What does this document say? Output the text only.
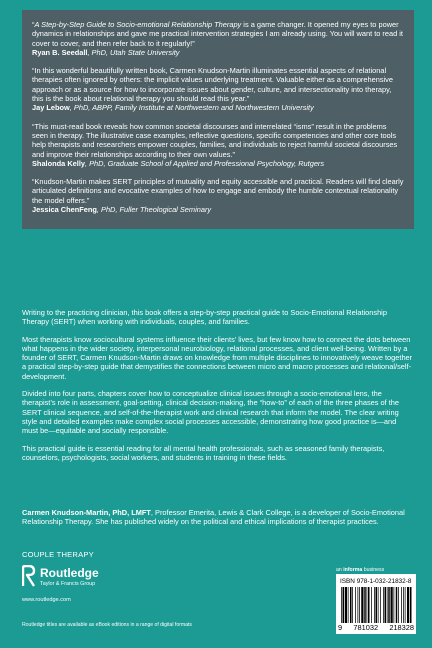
“A Step-by-Step Guide to Socio-emotional Relationship Therapy is a game changer. It opened my eyes to power dynamics in relationships and gave me practical intervention strategies I am already using. You will want to read it cover to cover, and then refer back to it regularly!”

Ryan B. Seedall, PhD, Utah State University

“In this wonderful beautifully written book, Carmen Knudson-Martin illuminates essential aspects of relational therapies often ignored by others: the implicit values underlying treatment. Valuable either as a comprehensive approach or as a source for how to incorporate issues about gender, culture, and intersectionality into therapy, this is the book about relational therapy you should read this year.”

Jay Lebow, PhD, ABPP, Family Institute at Northwestern and Northwestern University

“This must-read book reveals how common societal discourses and interrelated “isms” result in the problems seen in therapy. The illustrative case examples, reflective questions, specific competencies and other core tools help therapists and researchers empower couples, families, and individuals to reject harmful societal discourses and improve their relationships according to their own values.”

Shalonda Kelly, PhD, Graduate School of Applied and Professional Psychology, Rutgers

“Knudson-Martin makes SERT principles of mutuality and equity accessible and practical. Readers will find clearly articulated definitions and evocative examples of how to engage and embody the humble contextual relationality the model offers.”

Jessica ChenFeng, PhD, Fuller Theological Seminary

Writing to the practicing clinician, this book offers a step-by-step practical guide to Socio-Emotional Relationship Therapy (SERT) when working with individuals, couples, and families.

Most therapists know sociocultural systems influence their clients’ lives, but few know how to connect the dots between what happens in the wider society, interpersonal neurobiology, relational processes, and client well-being. Written by a founder of SERT, Carmen Knudson-Martin draws on knowledge from multiple disciplines to innovatively weave together a practical step-by-step guide that demystifies the connections between micro and macro processes and relational/self-development.

Divided into four parts, chapters cover how to conceptualize clinical issues through a socio-emotional lens, the therapist’s role in assessment, goal-setting, clinical decision-making, the “how-to” of each of the three phases of the SERT clinical sequence, and self-of-the-therapist work and clinical research that inform the model. The clear writing style and detailed examples make complex social processes accessible, demonstrating how good practice is—and must be—equitable and socially responsible.

This practical guide is essential reading for all mental health professionals, such as seasoned family therapists, counselors, psychologists, social workers, and students in training in these fields.

Carmen Knudson-Martin, PhD, LMFT, Professor Emerita, Lewis & Clark College, is a developer of Socio-Emotional Relationship Therapy. She has published widely on the political and ethical implications of therapist practices.

COUPLE THERAPY

Routledge
Taylor & Francis Group

www.routledge.com

Routledge titles are available as eBook editions in a range of digital formats

an informa business

ISBN 978-1-032-21832-8

9 781032 218328
